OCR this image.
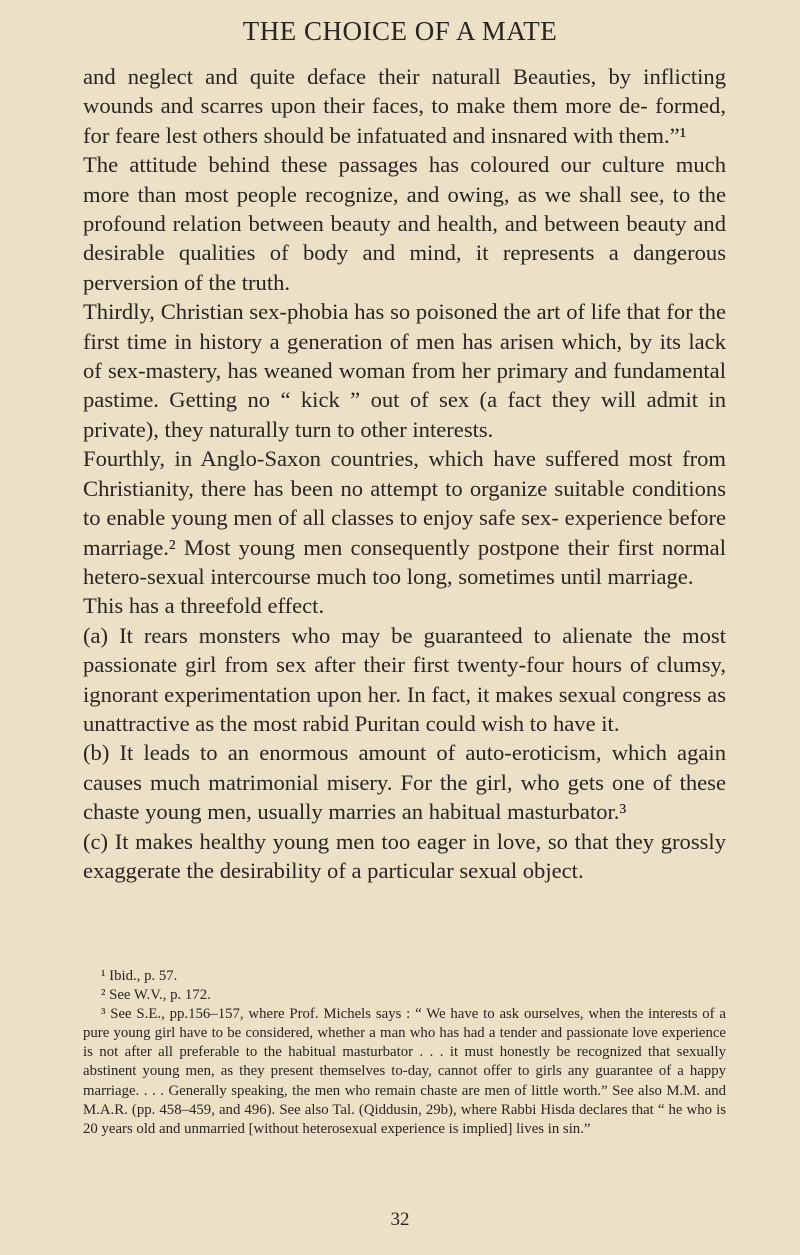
THE CHOICE OF A MATE

and neglect and quite deface their naturall Beauties, by inflicting wounds and scarres upon their faces, to make them more de- formed, for feare lest others should be infatuated and insnared with them.”¹

The attitude behind these passages has coloured our culture much more than most people recognize, and owing, as we shall see, to the profound relation between beauty and health, and between beauty and desirable qualities of body and mind, it represents a dangerous perversion of the truth.

Thirdly, Christian sex-phobia has so poisoned the art of life that for the first time in history a generation of men has arisen which, by its lack of sex-mastery, has weaned woman from her primary and fundamental pastime. Getting no “ kick ” out of sex (a fact they will admit in private), they naturally turn to other interests.

Fourthly, in Anglo-Saxon countries, which have suffered most from Christianity, there has been no attempt to organize suitable conditions to enable young men of all classes to enjoy safe sex- experience before marriage.² Most young men consequently postpone their first normal hetero-sexual intercourse much too long, sometimes until marriage.

This has a threefold effect.

(a) It rears monsters who may be guaranteed to alienate the most passionate girl from sex after their first twenty-four hours of clumsy, ignorant experimentation upon her. In fact, it makes sexual congress as unattractive as the most rabid Puritan could wish to have it.

(b) It leads to an enormous amount of auto-eroticism, which again causes much matrimonial misery. For the girl, who gets one of these chaste young men, usually marries an habitual masturbator.³

(c) It makes healthy young men too eager in love, so that they grossly exaggerate the desirability of a particular sexual object.

¹ Ibid., p. 57.

² See W.V., p. 172.

³ See S.E., pp.156–157, where Prof. Michels says : “ We have to ask ourselves, when the interests of a pure young girl have to be considered, whether a man who has had a tender and passionate love experience is not after all preferable to the habitual masturbator . . . it must honestly be recognized that sexually abstinent young men, as they present themselves to-day, cannot offer to girls any guarantee of a happy marriage. . . . Generally speaking, the men who remain chaste are men of little worth.” See also M.M. and M.A.R. (pp. 458–459, and 496). See also Tal. (Qiddusin, 29b), where Rabbi Hisda declares that “ he who is 20 years old and unmarried [without heterosexual experience is implied] lives in sin.”

32
